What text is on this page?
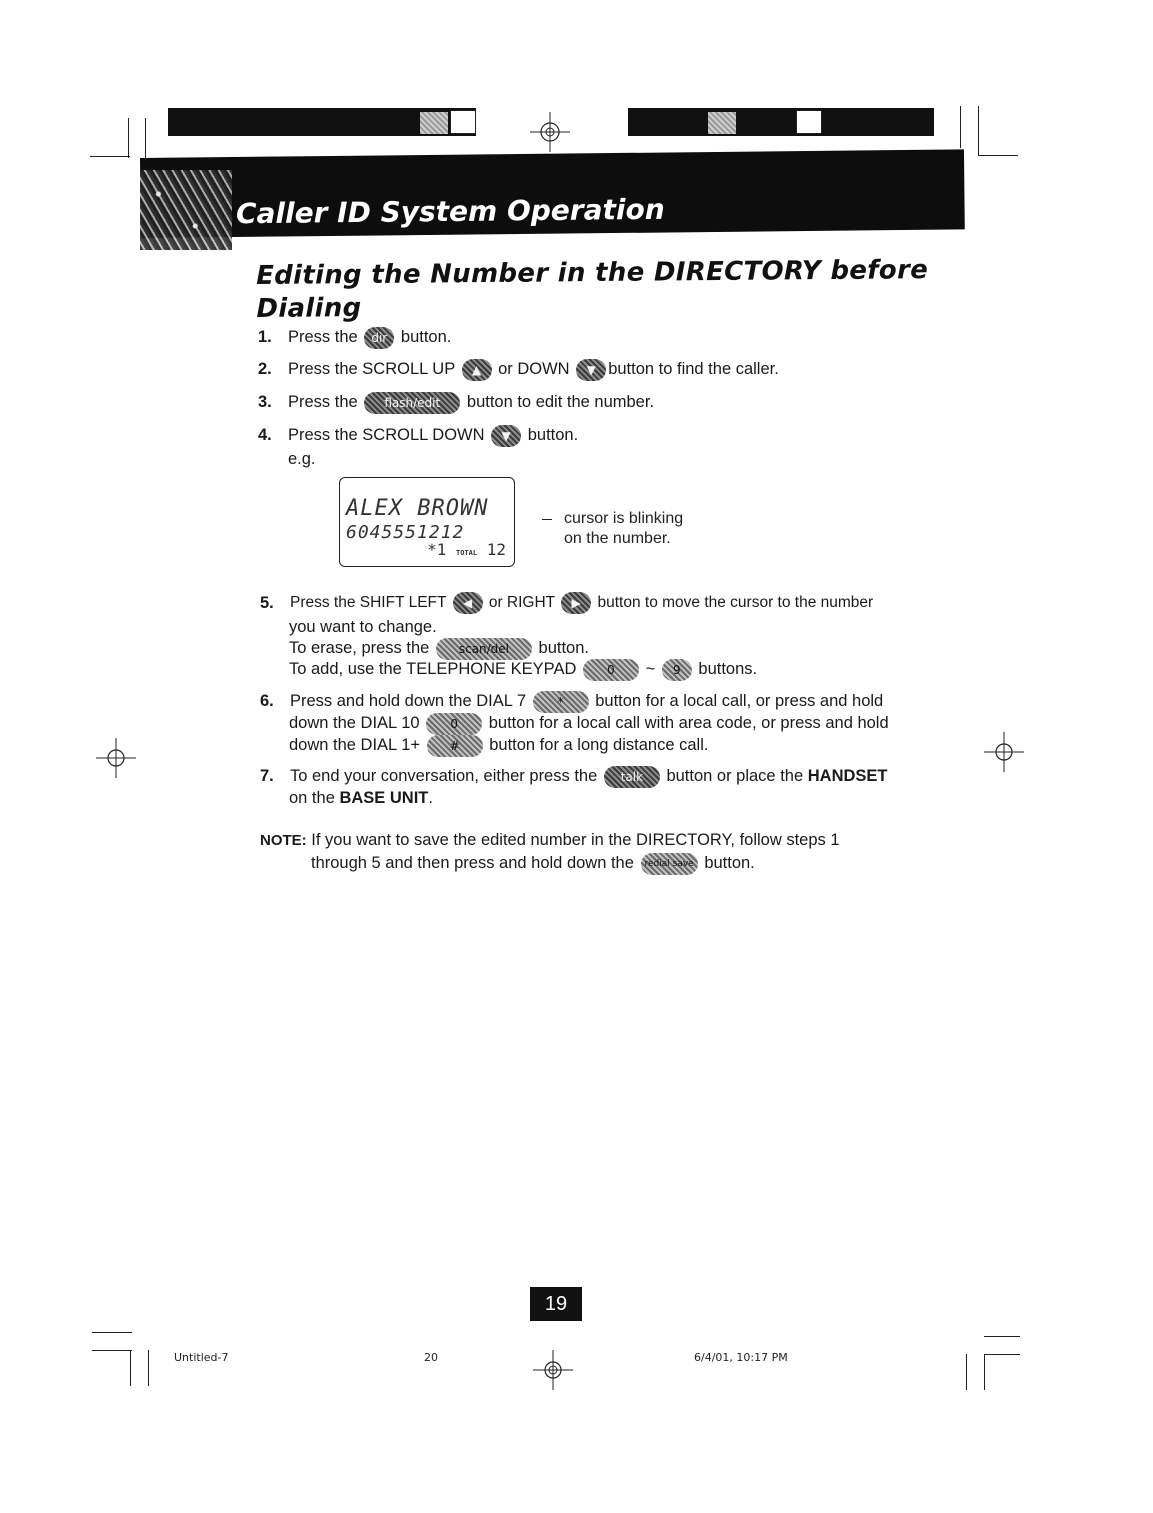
Caller ID System Operation
Editing the Number in the DIRECTORY before Dialing
1. Press the dir button.
2. Press the SCROLL UP ▲ or DOWN ▼ button to find the caller.
3. Press the flash/edit button to edit the number.
4. Press the SCROLL DOWN ▼ button.
e.g.
ALEX BROWN
6045551212
*1 TOTAL 12
cursor is blinking
on the number.
5. Press the SHIFT LEFT ◀ or RIGHT ▶ button to move the cursor to the number
you want to change.
To erase, press the scan/del button.
To add, use the TELEPHONE KEYPAD	0 ~ 9 buttons.
6. Press and hold down the DIAL 7	* button for a local call, or press and hold
down the DIAL 10	0 button for a local call with area code, or press and hold
down the DIAL 1+ # button for a long distance call.
7. To end your conversation, either press the talk button or place the HANDSET
on the BASE UNIT.
NOTE: If you want to save the edited number in the DIRECTORY, follow steps 1
through 5 and then press and hold down the redial save button.
19
Untitled-7	20	6/4/01, 10:17 PM
